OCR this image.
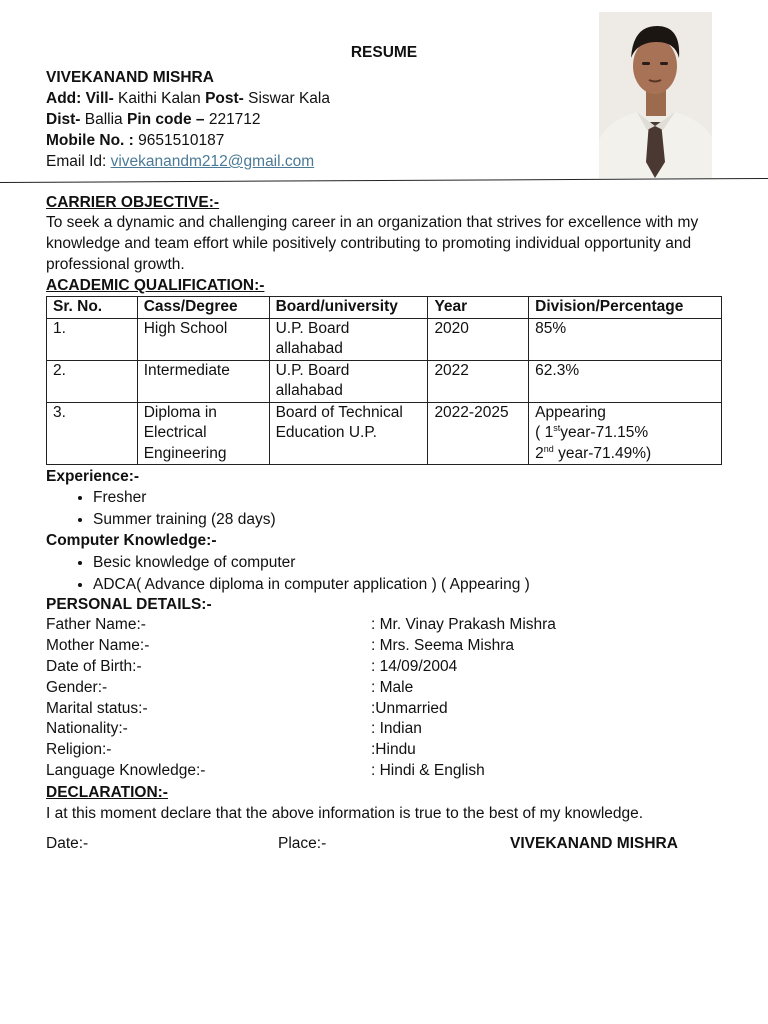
RESUME
VIVEKANAND MISHRA
Add: Vill- Kaithi Kalan Post- Siswar Kala
Dist- Ballia Pin code – 221712
Mobile No. : 9651510187
Email Id: vivekanandm212@gmail.com
CARRIER OBJECTIVE:-
To seek a dynamic and challenging career in an organization that strives for excellence with my knowledge and team effort while positively contributing to promoting individual opportunity and professional growth.
ACADEMIC QUALIFICATION:-
Sr. No.	Cass/Degree	Board/university	Year	Division/Percentage
1.	High School	U.P. Board allahabad	2020	85%
2.	Intermediate	U.P. Board allahabad	2022	62.3%
3.	Diploma in Electrical Engineering	Board of Technical Education U.P.	2022-2025	Appearing
( 1styear-71.15%
2nd year-71.49%)
Experience:-
• Fresher
• Summer training (28 days)
Computer Knowledge:-
• Besic knowledge of computer
• ADCA( Advance diploma in computer application ) ( Appearing )
PERSONAL DETAILS:-
Father Name:-	: Mr. Vinay Prakash Mishra
Mother Name:-	: Mrs. Seema Mishra
Date of Birth:-	: 14/09/2004
Gender:-	: Male
Marital status:-	:Unmarried
Nationality:-	: Indian
Religion:-	:Hindu
Language Knowledge:-	: Hindi & English
DECLARATION:-
I at this moment declare that the above information is true to the best of my knowledge.
Date:-	Place:-	VIVEKANAND MISHRA
